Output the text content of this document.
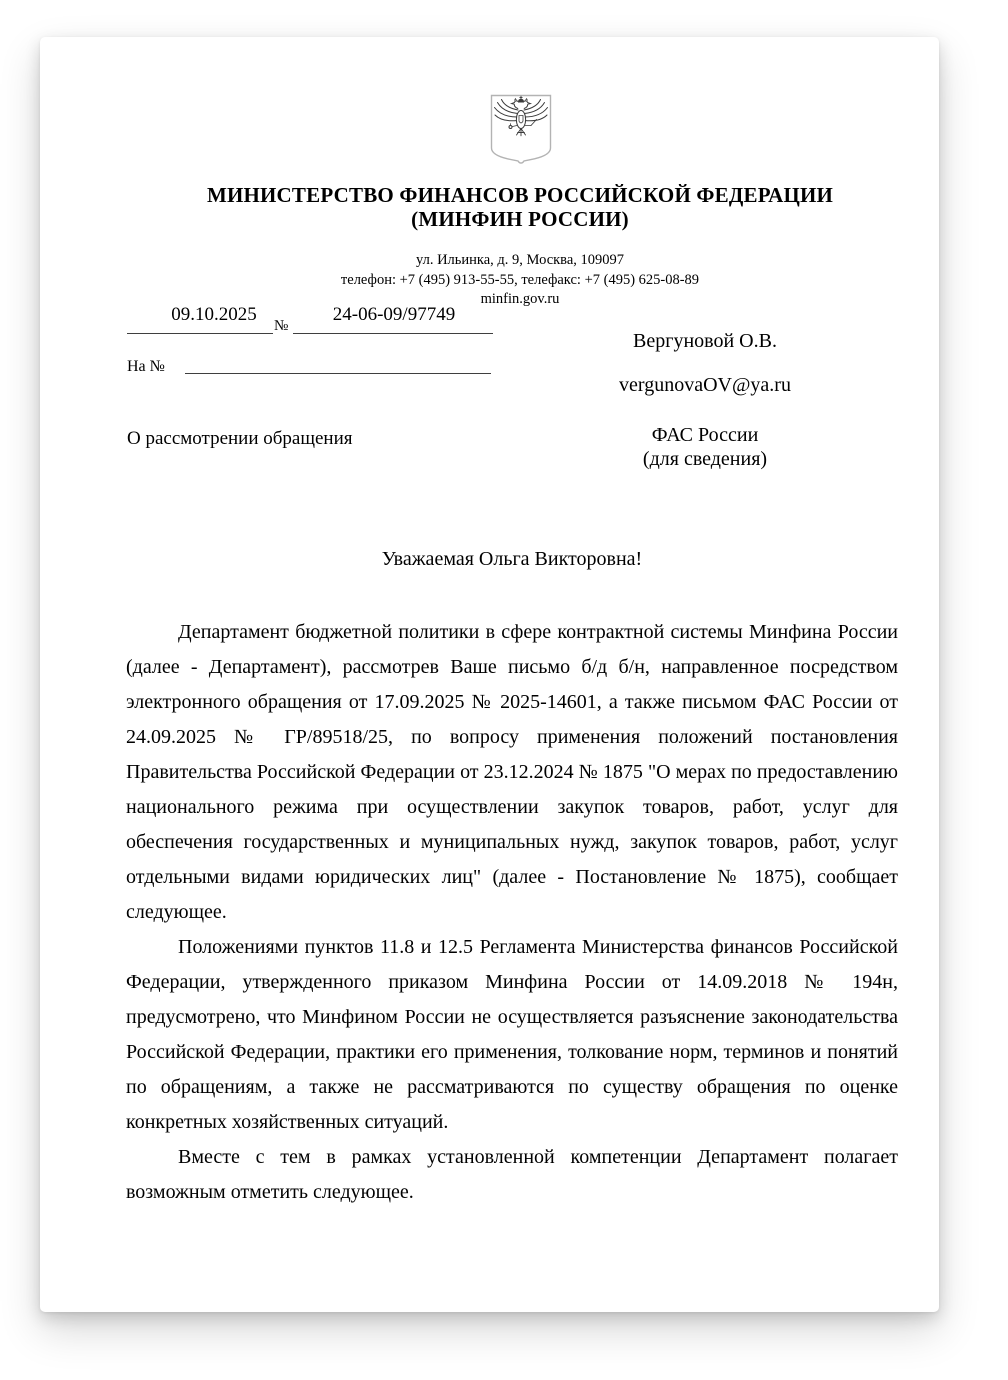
МИНИСТЕРСТВО ФИНАНСОВ РОССИЙСКОЙ ФЕДЕРАЦИИ
(МИНФИН РОССИИ)
ул. Ильинка, д. 9, Москва, 109097
телефон: +7 (495) 913-55-55, телефакс: +7 (495) 625-08-89
minfin.gov.ru
09.10.2025
№
24-06-09/97749
На №
Вергуновой О.В.
vergunovaOV@ya.ru
ФАС России
(для сведения)
О рассмотрении обращения
Уважаемая Ольга Викторовна!

Департамент бюджетной политики в сфере контрактной системы Минфина России (далее - Департамент), рассмотрев Ваше письмо б/д б/н, направленное посредством электронного обращения от 17.09.2025 № 2025-14601, а также письмом ФАС России от 24.09.2025 № ГР/89518/25, по вопросу применения положений постановления Правительства Российской Федерации от 23.12.2024 № 1875 "О мерах по предоставлению национального режима при осуществлении закупок товаров, работ, услуг для обеспечения государственных и муниципальных нужд, закупок товаров, работ, услуг отдельными видами юридических лиц" (далее - Постановление № 1875), сообщает следующее.

Положениями пунктов 11.8 и 12.5 Регламента Министерства финансов Российской Федерации, утвержденного приказом Минфина России от 14.09.2018 № 194н, предусмотрено, что Минфином России не осуществляется разъяснение законодательства Российской Федерации, практики его применения, толкование норм, терминов и понятий по обращениям, а также не рассматриваются по существу обращения по оценке конкретных хозяйственных ситуаций.

Вместе с тем в рамках установленной компетенции Департамент полагает возможным отметить следующее.
